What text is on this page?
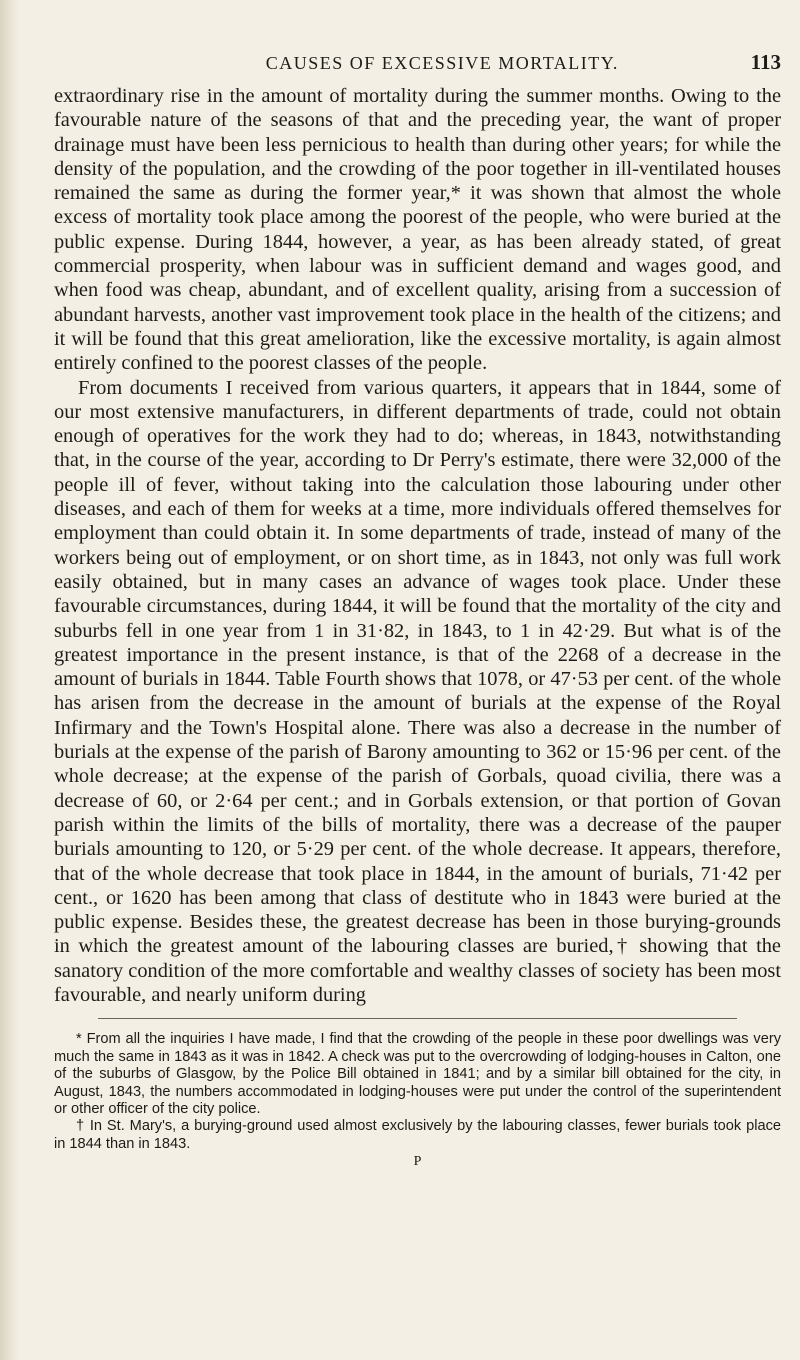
CAUSES OF EXCESSIVE MORTALITY.	113

extraordinary rise in the amount of mortality during the summer months. Owing to the favourable nature of the seasons of that and the preceding year, the want of proper drainage must have been less pernicious to health than during other years; for while the density of the population, and the crowding of the poor together in ill-ventilated houses remained the same as during the former year,* it was shown that almost the whole excess of mortality took place among the poorest of the people, who were buried at the public expense. During 1844, however, a year, as has been already stated, of great commercial prosperity, when labour was in sufficient demand and wages good, and when food was cheap, abundant, and of excellent quality, arising from a succession of abundant harvests, another vast improvement took place in the health of the citizens; and it will be found that this great amelioration, like the excessive mortality, is again almost entirely confined to the poorest classes of the people.

From documents I received from various quarters, it appears that in 1844, some of our most extensive manufacturers, in different departments of trade, could not obtain enough of operatives for the work they had to do; whereas, in 1843, notwithstanding that, in the course of the year, according to Dr Perry's estimate, there were 32,000 of the people ill of fever, without taking into the calculation those labouring under other diseases, and each of them for weeks at a time, more individuals offered themselves for employment than could obtain it. In some departments of trade, instead of many of the workers being out of employment, or on short time, as in 1843, not only was full work easily obtained, but in many cases an advance of wages took place. Under these favourable circumstances, during 1844, it will be found that the mortality of the city and suburbs fell in one year from 1 in 31·82, in 1843, to 1 in 42·29. But what is of the greatest importance in the present instance, is that of the 2268 of a decrease in the amount of burials in 1844. Table Fourth shows that 1078, or 47·53 per cent. of the whole has arisen from the decrease in the amount of burials at the expense of the Royal Infirmary and the Town's Hospital alone. There was also a decrease in the number of burials at the expense of the parish of Barony amounting to 362 or 15·96 per cent. of the whole decrease; at the expense of the parish of Gorbals, quoad civilia, there was a decrease of 60, or 2·64 per cent.; and in Gorbals extension, or that portion of Govan parish within the limits of the bills of mortality, there was a decrease of the pauper burials amounting to 120, or 5·29 per cent. of the whole decrease. It appears, therefore, that of the whole decrease that took place in 1844, in the amount of burials, 71·42 per cent., or 1620 has been among that class of destitute who in 1843 were buried at the public expense. Besides these, the greatest decrease has been in those burying-grounds in which the greatest amount of the labouring classes are buried,† showing that the sanatory condition of the more comfortable and wealthy classes of society has been most favourable, and nearly uniform during

* From all the inquiries I have made, I find that the crowding of the people in these poor dwellings was very much the same in 1843 as it was in 1842. A check was put to the overcrowding of lodging-houses in Calton, one of the suburbs of Glasgow, by the Police Bill obtained in 1841; and by a similar bill obtained for the city, in August, 1843, the numbers accommodated in lodging-houses were put under the control of the superintendent or other officer of the city police.

† In St. Mary's, a burying-ground used almost exclusively by the labouring classes, fewer burials took place in 1844 than in 1843.

P
